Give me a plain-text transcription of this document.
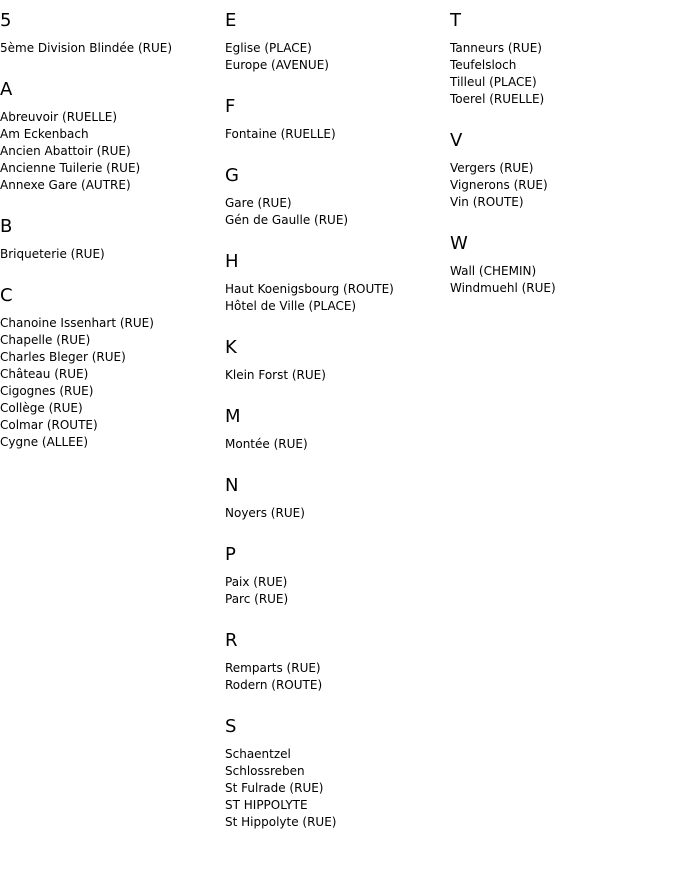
5
5ème Division Blindée (RUE)
A
Abreuvoir (RUELLE)
Am Eckenbach
Ancien Abattoir (RUE)
Ancienne Tuilerie (RUE)
Annexe Gare (AUTRE)
B
Briqueterie (RUE)
C
Chanoine Issenhart (RUE)
Chapelle (RUE)
Charles Bleger (RUE)
Château (RUE)
Cigognes (RUE)
Collège (RUE)
Colmar (ROUTE)
Cygne (ALLEE)
E
Eglise (PLACE)
Europe (AVENUE)
F
Fontaine (RUELLE)
G
Gare (RUE)
Gén de Gaulle (RUE)
H
Haut Koenigsbourg (ROUTE)
Hôtel de Ville (PLACE)
K
Klein Forst (RUE)
M
Montée (RUE)
N
Noyers (RUE)
P
Paix (RUE)
Parc (RUE)
R
Remparts (RUE)
Rodern (ROUTE)
S
Schaentzel
Schlossreben
St Fulrade (RUE)
ST HIPPOLYTE
St Hippolyte (RUE)
T
Tanneurs (RUE)
Teufelsloch
Tilleul (PLACE)
Toerel (RUELLE)
V
Vergers (RUE)
Vignerons (RUE)
Vin (ROUTE)
W
Wall (CHEMIN)
Windmuehl (RUE)
